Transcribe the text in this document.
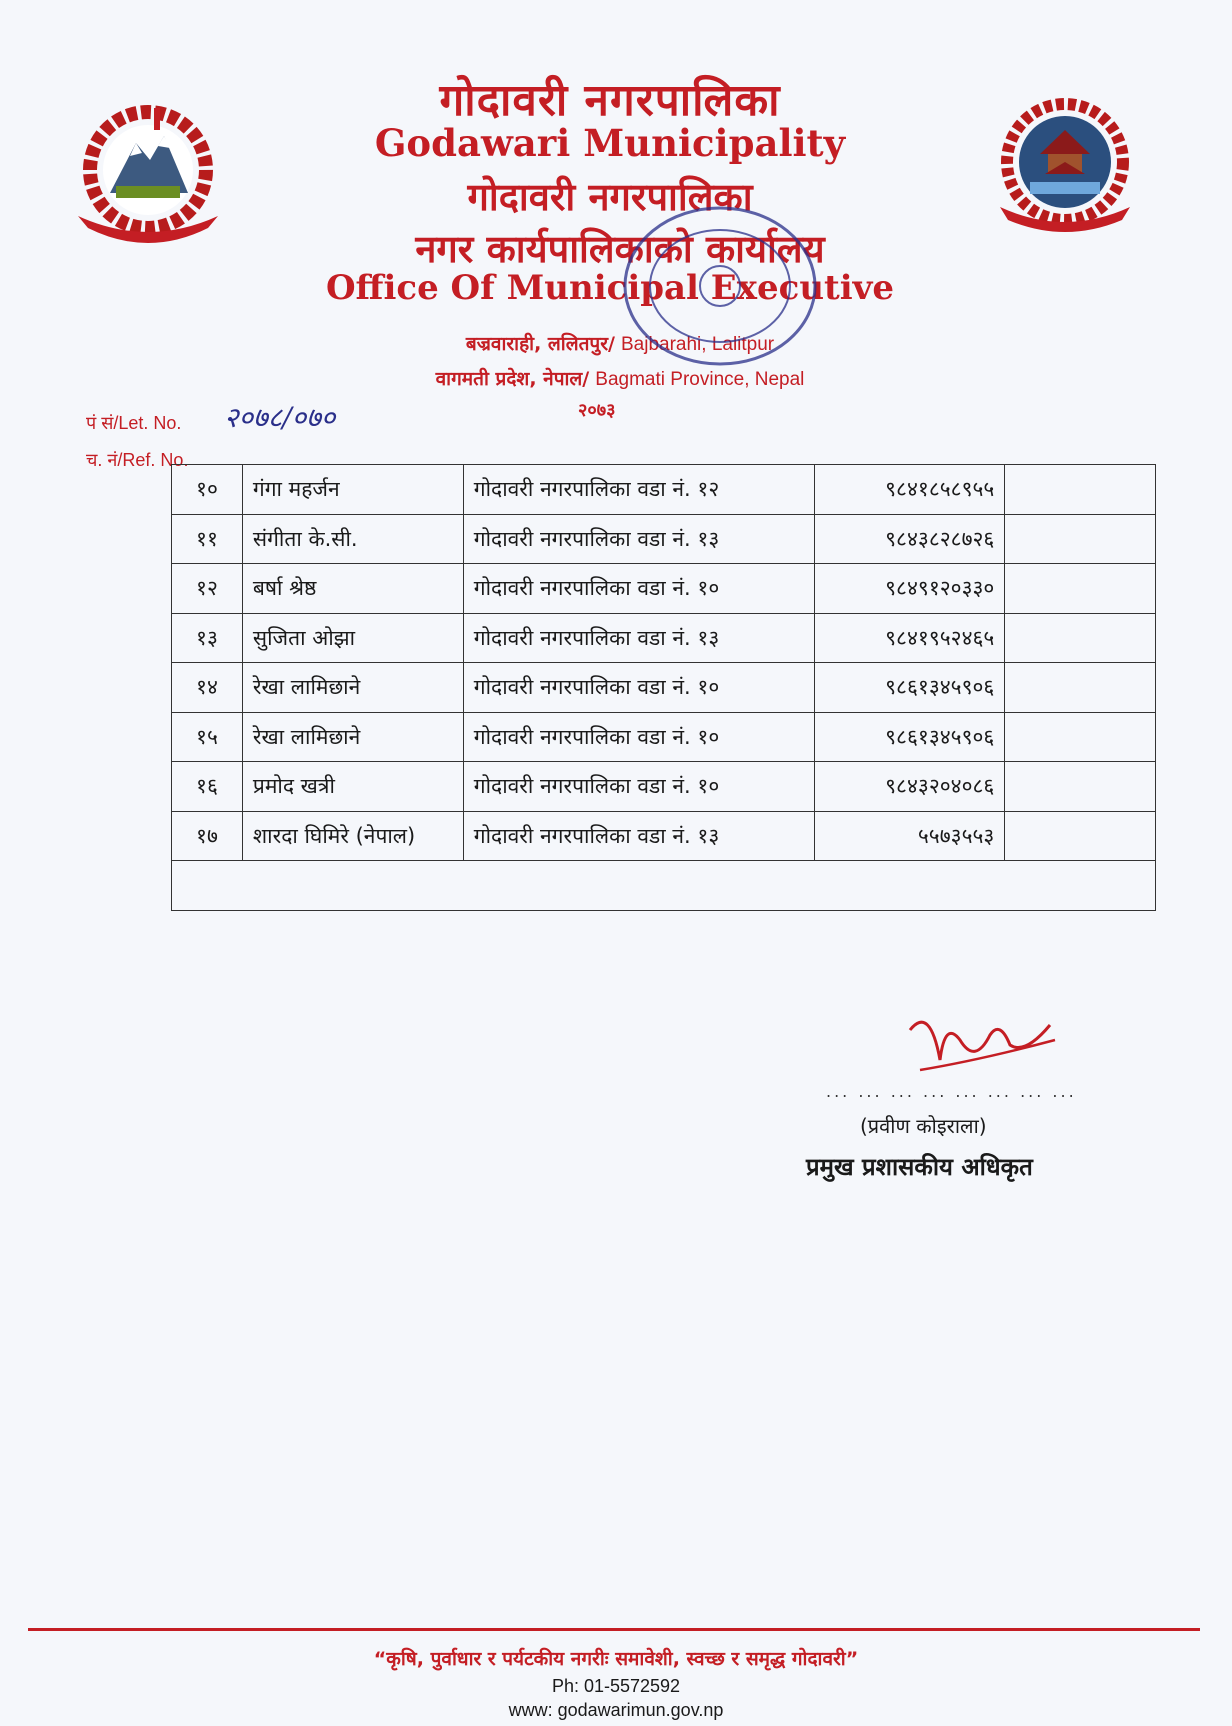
गोदावरी नगरपालिका
Godawari Municipality
गोदावरी नगरपालिका
नगर कार्यपालिकाको कार्यालय
Office Of Municipal Executive
बज्रवाराही, ललितपुर/ Bajbarahi, Lalitpur
वागमती प्रदेश, नेपाल/ Bagmati Province, Nepal
२०७३
पं सं/Let. No. २०७८/०७०
च. नं/Ref. No.
१०	गंगा महर्जन	गोदावरी नगरपालिका वडा नं. १२	९८४१८५८९५५	
११	संगीता के.सी.	गोदावरी नगरपालिका वडा नं. १३	९८४३८२८७२६	
१२	बर्षा श्रेष्ठ	गोदावरी नगरपालिका वडा नं. १०	९८४९१२०३३०	
१३	सुजिता ओझा	गोदावरी नगरपालिका वडा नं. १३	९८४१९५२४६५	
१४	रेखा लामिछाने	गोदावरी नगरपालिका वडा नं. १०	९८६१३४५९०६	
१५	रेखा लामिछाने	गोदावरी नगरपालिका वडा नं. १०	९८६१३४५९०६	
१६	प्रमोद खत्री	गोदावरी नगरपालिका वडा नं. १०	९८४३२०४०८६	
१७	शारदा घिमिरे (नेपाल)	गोदावरी नगरपालिका वडा नं. १३	५५७३५५३	

... ... ... ... ... ... ... ...
(प्रवीण कोइराला)
प्रमुख प्रशासकीय अधिकृत
“कृषि, पुर्वाधार र पर्यटकीय नगरीः समावेशी, स्वच्छ र समृद्ध गोदावरी”
Ph: 01-5572592
www: godawarimun.gov.np
